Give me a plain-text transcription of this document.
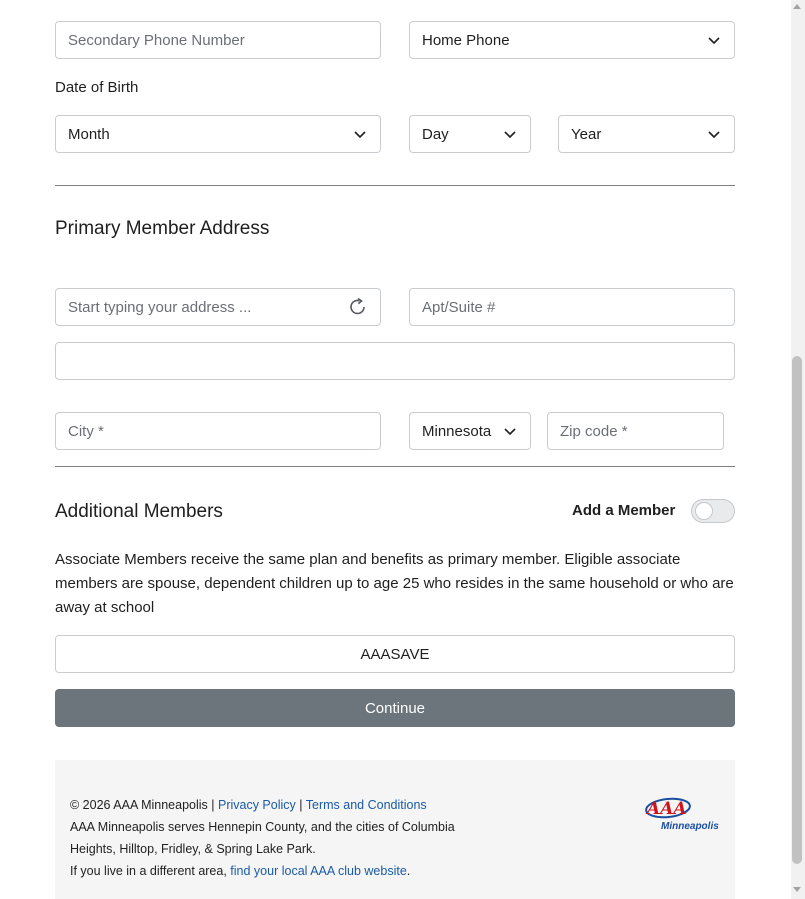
Secondary Phone Number	Home Phone
Date of Birth
Month	Day	Year
Primary Member Address
Start typing your address ...	Apt/Suite #
City *	Minnesota	Zip code *
Additional Members	Add a Member
Associate Members receive the same plan and benefits as primary member. Eligible associate members are spouse, dependent children up to age 25 who resides in the same household or who are away at school
AAASAVE
Continue
© 2026 AAA Minneapolis | Privacy Policy | Terms and Conditions
AAA Minneapolis serves Hennepin County, and the cities of Columbia Heights, Hilltop, Fridley, & Spring Lake Park.
If you live in a different area, find your local AAA club website.
AAA
Minneapolis
